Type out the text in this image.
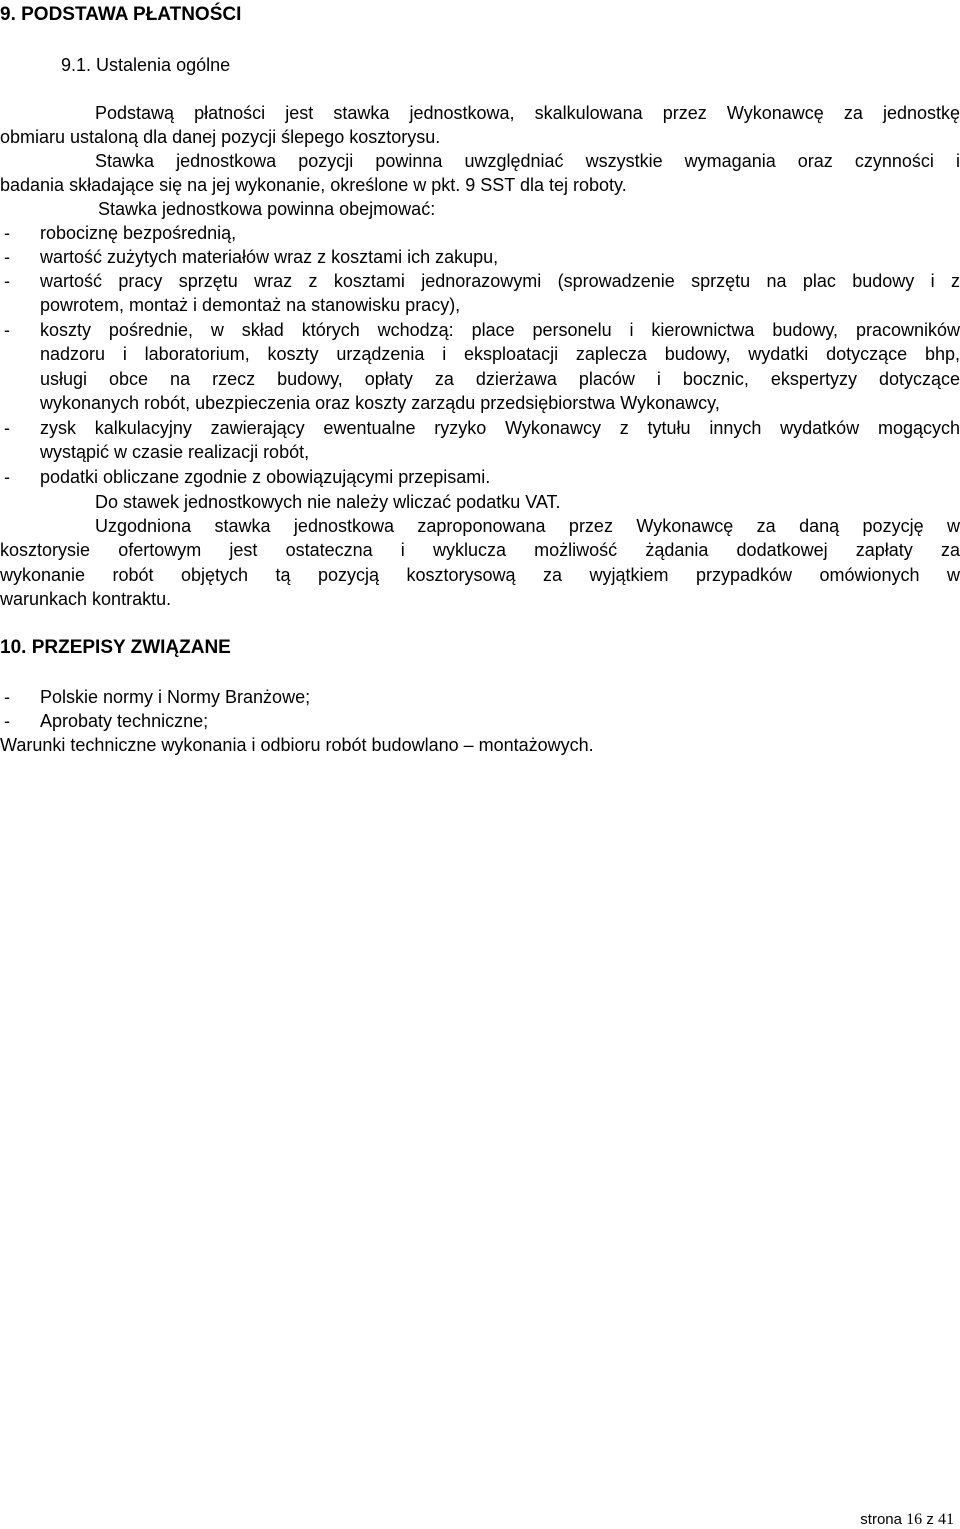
9. PODSTAWA PŁATNOŚCI
9.1. Ustalenia ogólne
Podstawą płatności jest stawka jednostkowa, skalkulowana przez Wykonawcę za jednostkę
obmiaru ustaloną dla danej pozycji ślepego kosztorysu.
Stawka jednostkowa pozycji powinna uwzględniać wszystkie wymagania oraz czynności i
badania składające się na jej wykonanie, określone w pkt. 9 SST dla tej roboty.
Stawka jednostkowa powinna obejmować:
- robociznę bezpośrednią,
- wartość zużytych materiałów wraz z kosztami ich zakupu,
- wartość pracy sprzętu wraz z kosztami jednorazowymi (sprowadzenie sprzętu na plac budowy i z
powrotem, montaż i demontaż na stanowisku pracy),
- koszty pośrednie, w skład których wchodzą: place personelu i kierownictwa budowy, pracowników
nadzoru i laboratorium, koszty urządzenia i eksploatacji zaplecza budowy, wydatki dotyczące bhp,
usługi obce na rzecz budowy, opłaty za dzierżawa placów i bocznic, ekspertyzy dotyczące
wykonanych robót, ubezpieczenia oraz koszty zarządu przedsiębiorstwa Wykonawcy,
- zysk kalkulacyjny zawierający ewentualne ryzyko Wykonawcy z tytułu innych wydatków mogących
wystąpić w czasie realizacji robót,
- podatki obliczane zgodnie z obowiązującymi przepisami.
Do stawek jednostkowych nie należy wliczać podatku VAT.
Uzgodniona stawka jednostkowa zaproponowana przez Wykonawcę za daną pozycję w
kosztorysie ofertowym jest ostateczna i wyklucza możliwość żądania dodatkowej zapłaty za
wykonanie robót objętych tą pozycją kosztorysową za wyjątkiem przypadków omówionych w
warunkach kontraktu.
10. PRZEPISY ZWIĄZANE
- Polskie normy i Normy Branżowe;
- Aprobaty techniczne;
Warunki techniczne wykonania i odbioru robót budowlano – montażowych.
strona 16 z 41
